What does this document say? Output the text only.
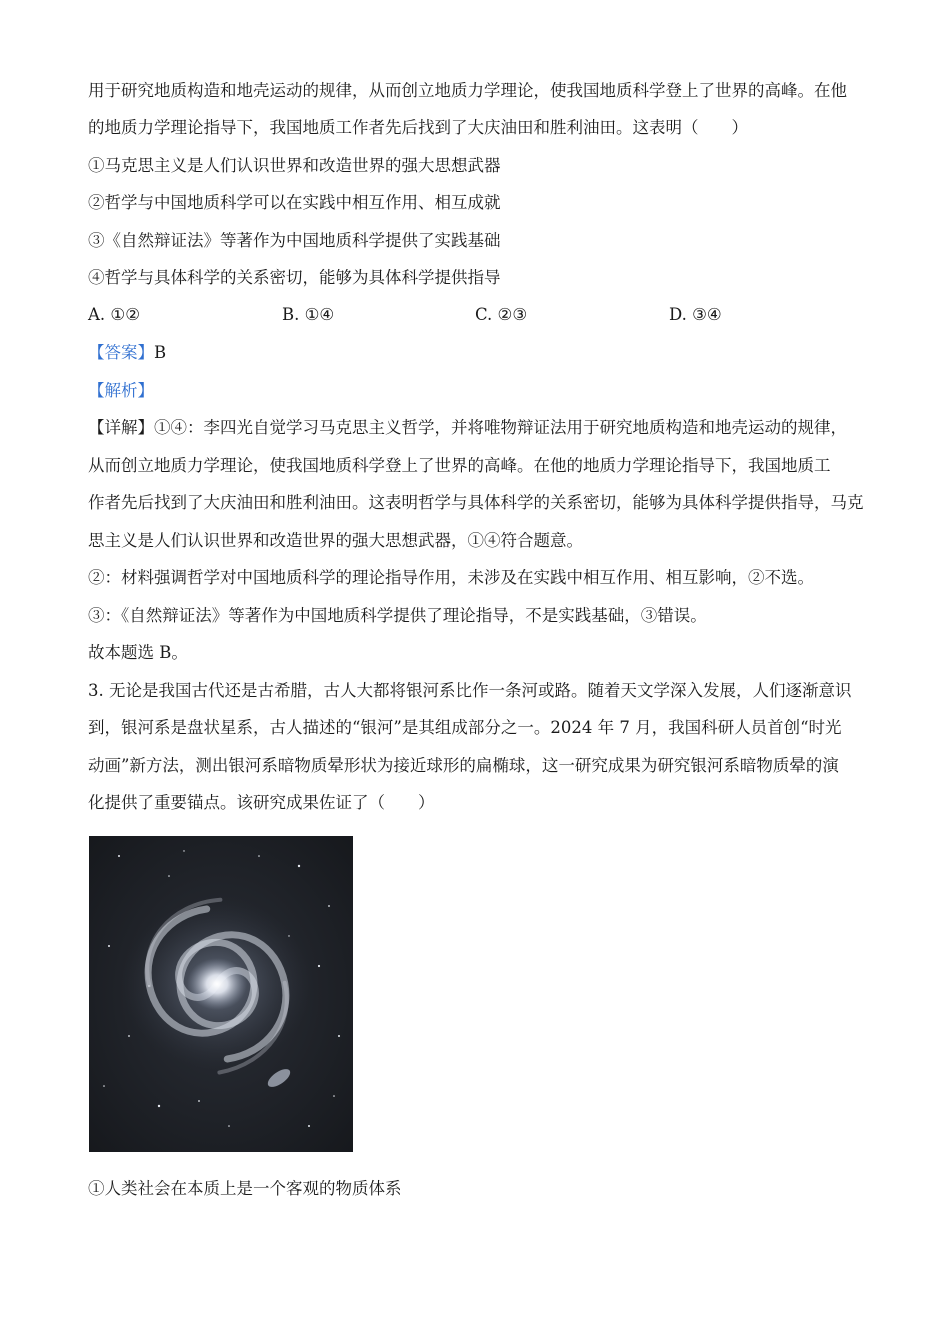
用于研究地质构造和地壳运动的规律，从而创立地质力学理论，使我国地质科学登上了世界的高峰。在他
的地质力学理论指导下，我国地质工作者先后找到了大庆油田和胜利油田。这表明（　　）
①马克思主义是人们认识世界和改造世界的强大思想武器
②哲学与中国地质科学可以在实践中相互作用、相互成就
③《自然辩证法》等著作为中国地质科学提供了实践基础
④哲学与具体科学的关系密切，能够为具体科学提供指导
A. ①②	B. ①④	C. ②③	D. ③④
【答案】B
【解析】
【详解】①④：李四光自觉学习马克思主义哲学，并将唯物辩证法用于研究地质构造和地壳运动的规律，
从而创立地质力学理论，使我国地质科学登上了世界的高峰。在他的地质力学理论指导下，我国地质工
作者先后找到了大庆油田和胜利油田。这表明哲学与具体科学的关系密切，能够为具体科学提供指导，马克
思主义是人们认识世界和改造世界的强大思想武器，①④符合题意。
②：材料强调哲学对中国地质科学的理论指导作用，未涉及在实践中相互作用、相互影响，②不选。
③：《自然辩证法》等著作为中国地质科学提供了理论指导，不是实践基础，③错误。
故本题选 B。
3. 无论是我国古代还是古希腊，古人大都将银河系比作一条河或路。随着天文学深入发展，人们逐渐意识
到，银河系是盘状星系，古人描述的“银河”是其组成部分之一。2024 年 7 月，我国科研人员首创“时光
动画”新方法，测出银河系暗物质晕形状为接近球形的扁椭球，这一研究成果为研究银河系暗物质晕的演
化提供了重要锚点。该研究成果佐证了（　　）
①人类社会在本质上是一个客观的物质体系
